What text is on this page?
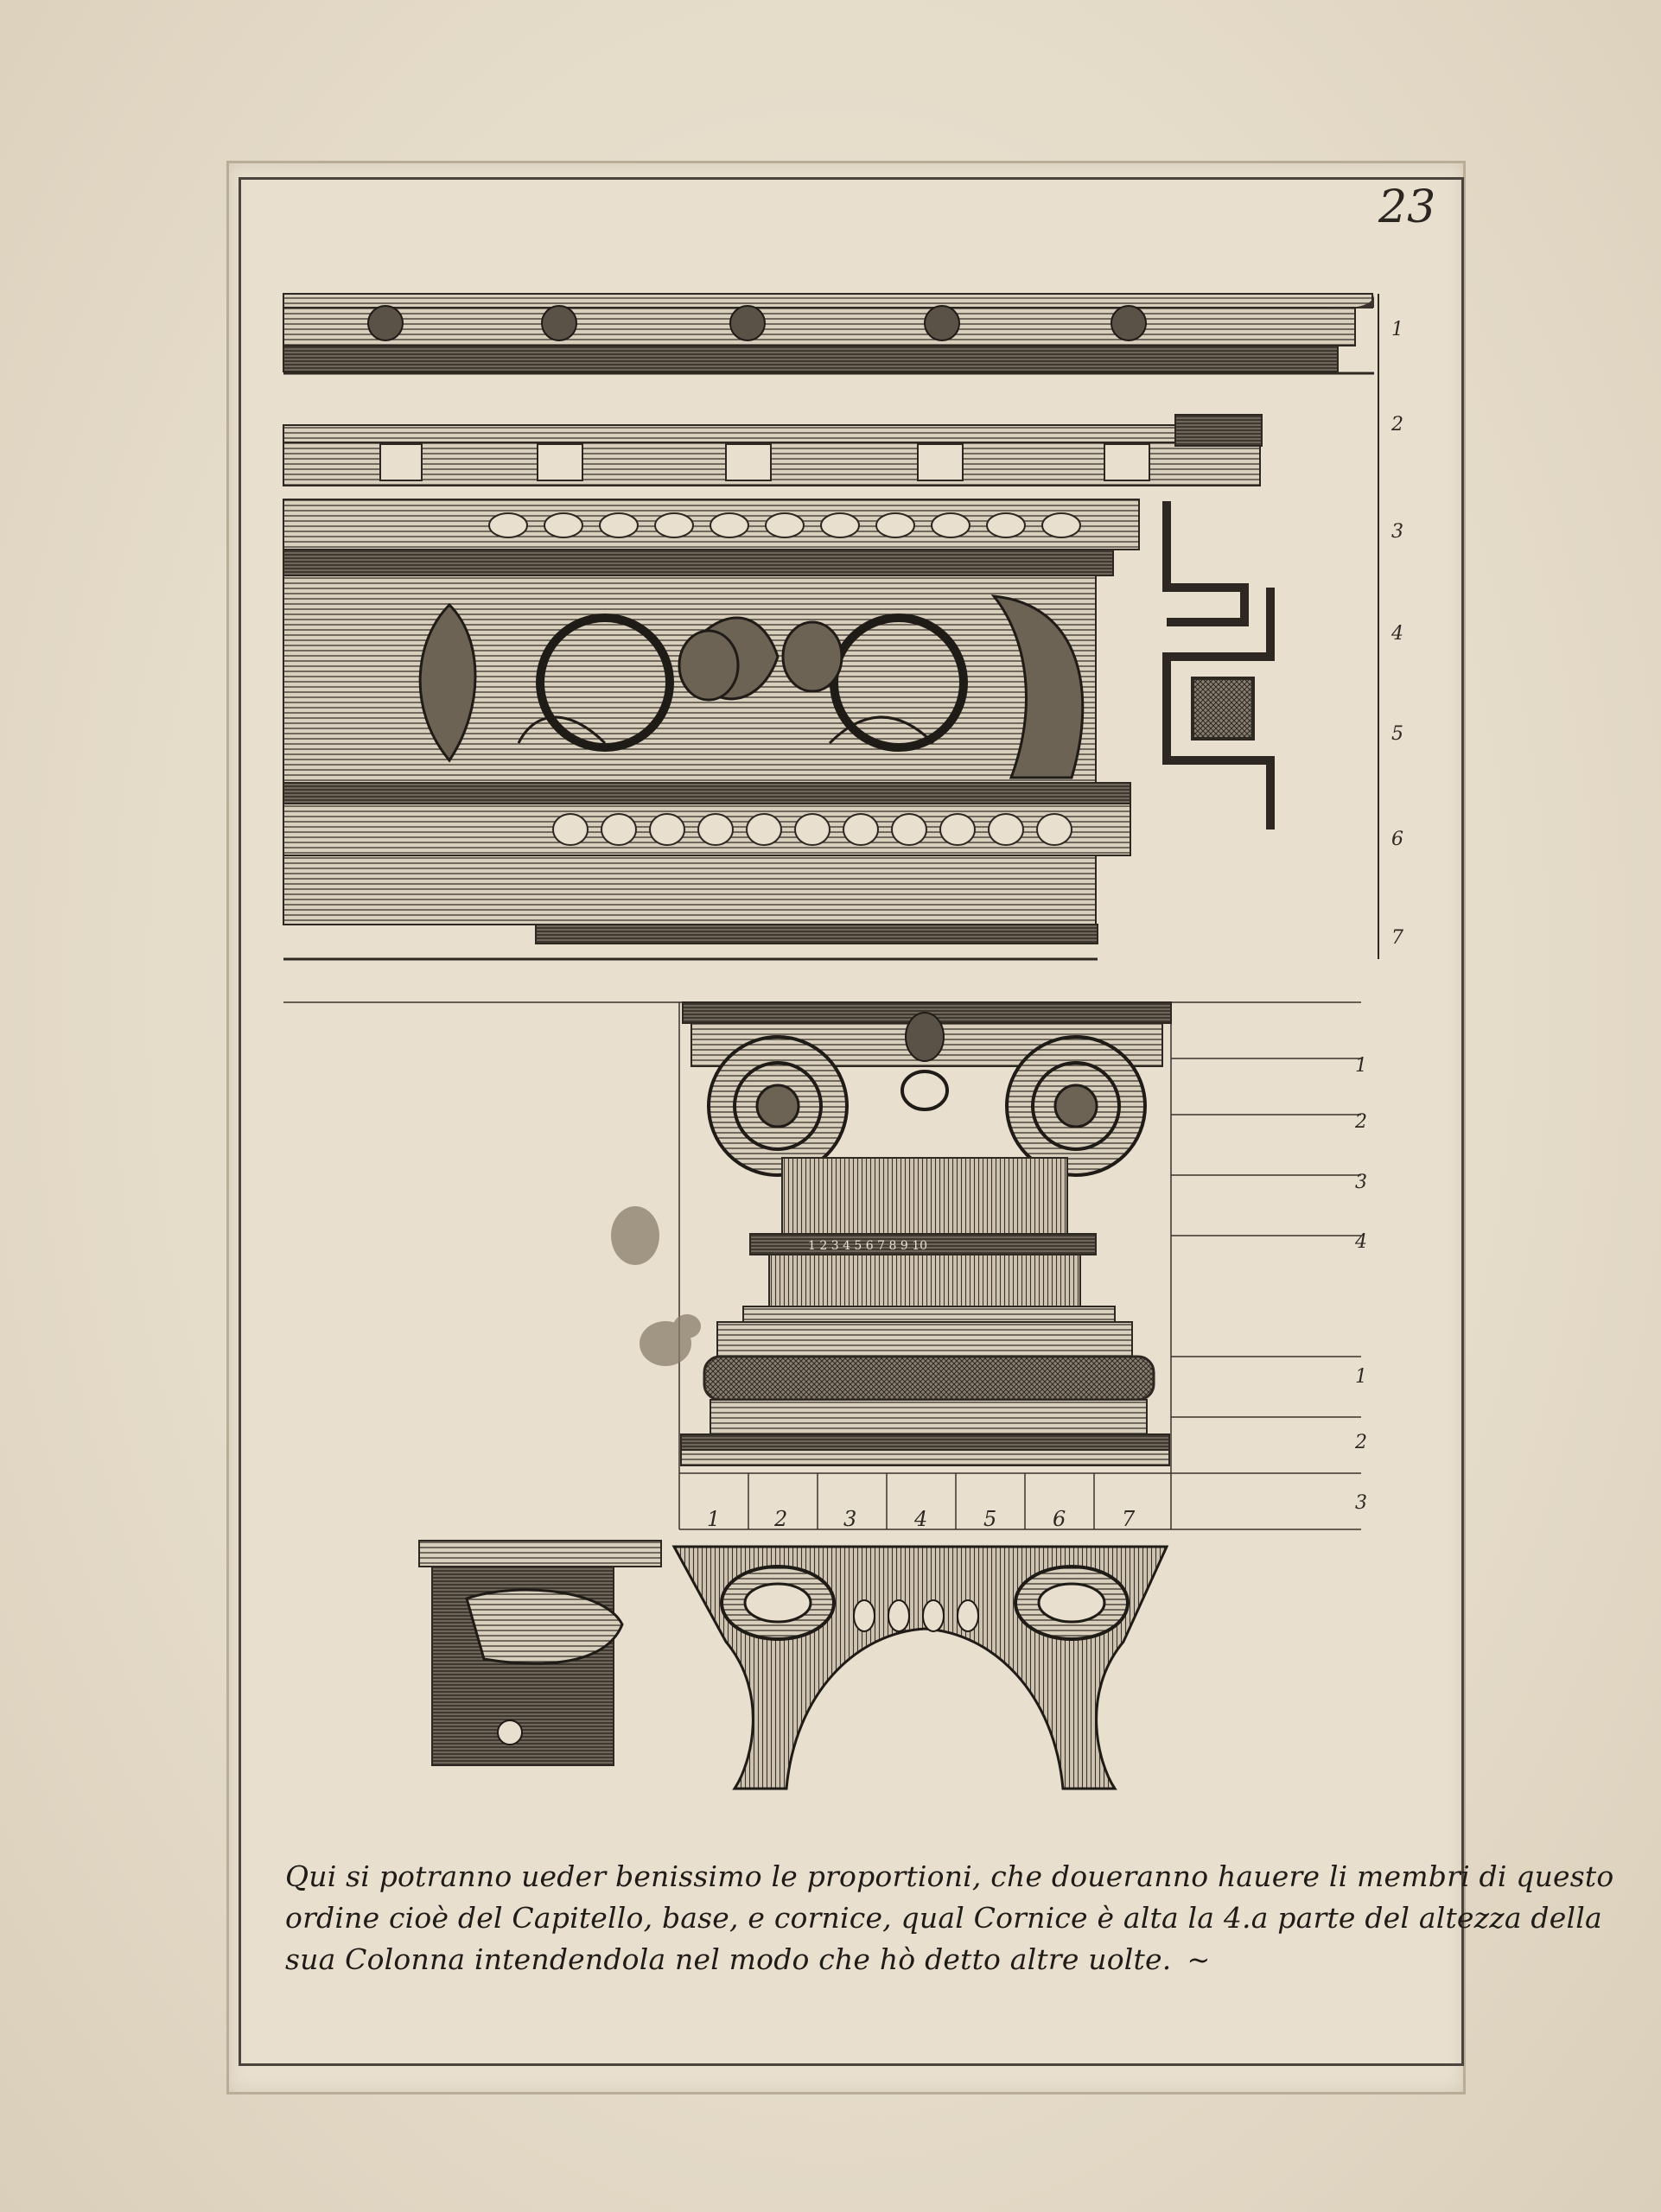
23
1
2
3
4
5
6
7
1 2 3 4 5 6 7 8 9 10
1
2
3
4
1
2
3
1	2	3	4	5	6	7
Qui si potranno ueder benissimo le proportioni, che doueranno hauere li membri di questo
ordine cioè del Capitello, base, e cornice, qual Cornice è alta la 4.a parte del altezza della
sua Colonna intendendola nel modo che hò detto altre uolte. ~
